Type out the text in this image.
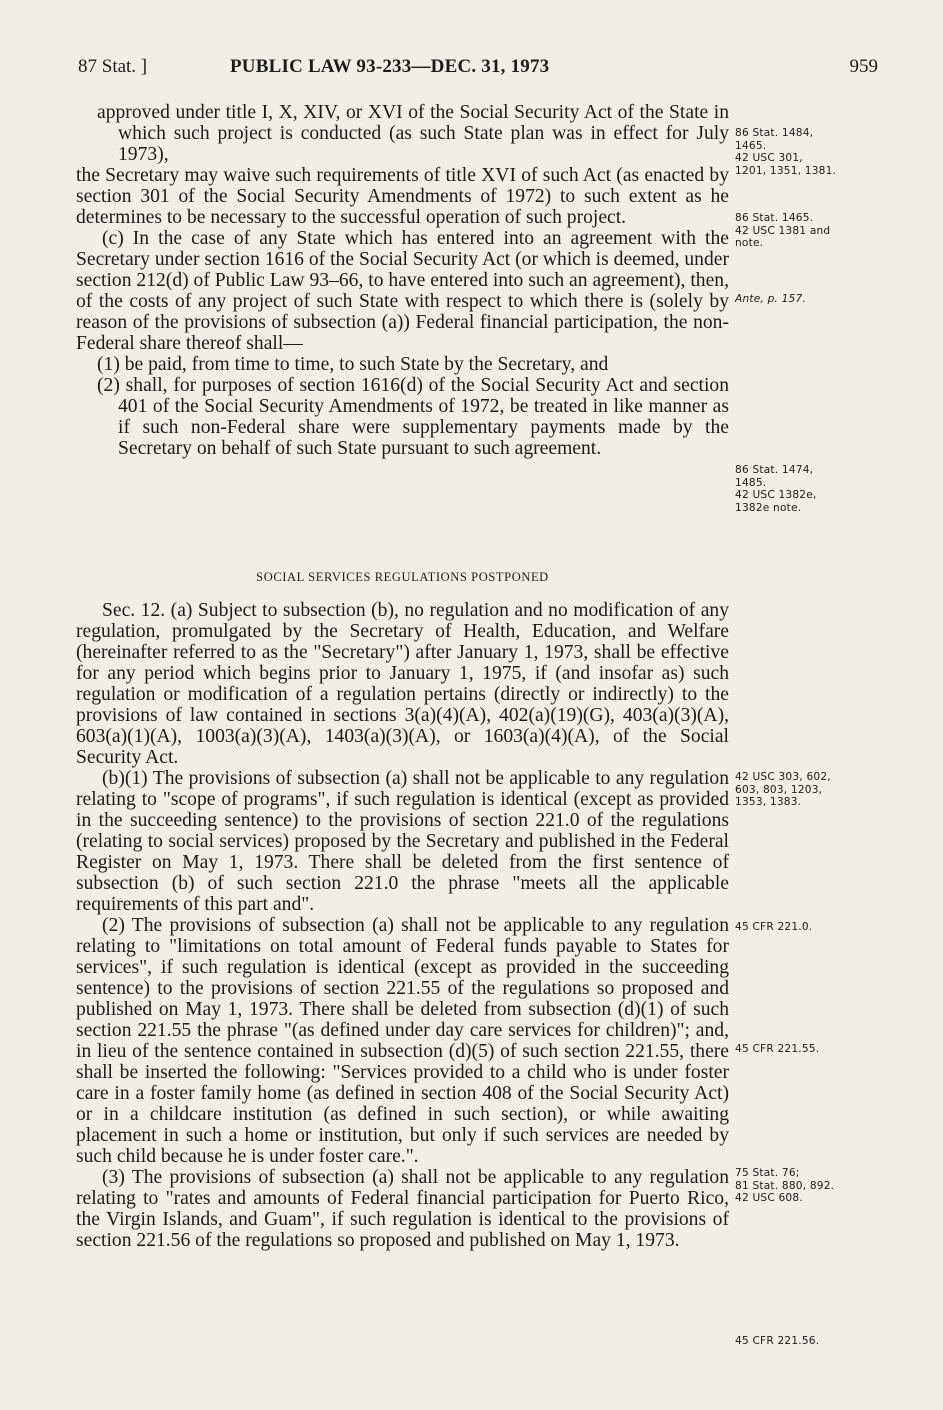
87 Stat. ]	PUBLIC LAW 93-233—DEC. 31, 1973	959

approved under title I, X, XIV, or XVI of the Social Security Act of the State in which such project is conducted (as such State plan was in effect for July 1973),

the Secretary may waive such requirements of title XVI of such Act (as enacted by section 301 of the Social Security Amendments of 1972) to such extent as he determines to be necessary to the successful operation of such project.

(c) In the case of any State which has entered into an agreement with the Secretary under section 1616 of the Social Security Act (or which is deemed, under section 212(d) of Public Law 93–66, to have entered into such an agreement), then, of the costs of any project of such State with respect to which there is (solely by reason of the provisions of subsection (a)) Federal financial participation, the non-Federal share thereof shall—

(1) be paid, from time to time, to such State by the Secretary, and

(2) shall, for purposes of section 1616(d) of the Social Security Act and section 401 of the Social Security Amendments of 1972, be treated in like manner as if such non-Federal share were supplementary payments made by the Secretary on behalf of such State pursuant to such agreement.

SOCIAL SERVICES REGULATIONS POSTPONED

Sec. 12. (a) Subject to subsection (b), no regulation and no modification of any regulation, promulgated by the Secretary of Health, Education, and Welfare (hereinafter referred to as the "Secretary") after January 1, 1973, shall be effective for any period which begins prior to January 1, 1975, if (and insofar as) such regulation or modification of a regulation pertains (directly or indirectly) to the provisions of law contained in sections 3(a)(4)(A), 402(a)(19)(G), 403(a)(3)(A), 603(a)(1)(A), 1003(a)(3)(A), 1403(a)(3)(A), or 1603(a)(4)(A), of the Social Security Act.

(b)(1) The provisions of subsection (a) shall not be applicable to any regulation relating to "scope of programs", if such regulation is identical (except as provided in the succeeding sentence) to the provisions of section 221.0 of the regulations (relating to social services) proposed by the Secretary and published in the Federal Register on May 1, 1973. There shall be deleted from the first sentence of subsection (b) of such section 221.0 the phrase "meets all the applicable requirements of this part and".

(2) The provisions of subsection (a) shall not be applicable to any regulation relating to "limitations on total amount of Federal funds payable to States for services", if such regulation is identical (except as provided in the succeeding sentence) to the provisions of section 221.55 of the regulations so proposed and published on May 1, 1973. There shall be deleted from subsection (d)(1) of such section 221.55 the phrase "(as defined under day care services for children)"; and, in lieu of the sentence contained in subsection (d)(5) of such section 221.55, there shall be inserted the following: "Services provided to a child who is under foster care in a foster family home (as defined in section 408 of the Social Security Act) or in a childcare institution (as defined in such section), or while awaiting placement in such a home or institution, but only if such services are needed by such child because he is under foster care.".

(3) The provisions of subsection (a) shall not be applicable to any regulation relating to "rates and amounts of Federal financial participation for Puerto Rico, the Virgin Islands, and Guam", if such regulation is identical to the provisions of section 221.56 of the regulations so proposed and published on May 1, 1973.

86 Stat. 1484,
1465.
42 USC 301,
1201, 1351, 1381.
86 Stat. 1465.
42 USC 1381 and
note.
Ante, p. 157.
86 Stat. 1474,
1485.
42 USC 1382e,
1382e note.
42 USC 303, 602,
603, 803, 1203,
1353, 1383.
45 CFR 221.0.
45 CFR 221.55.
75 Stat. 76;
81 Stat. 880, 892.
42 USC 608.
45 CFR 221.56.
